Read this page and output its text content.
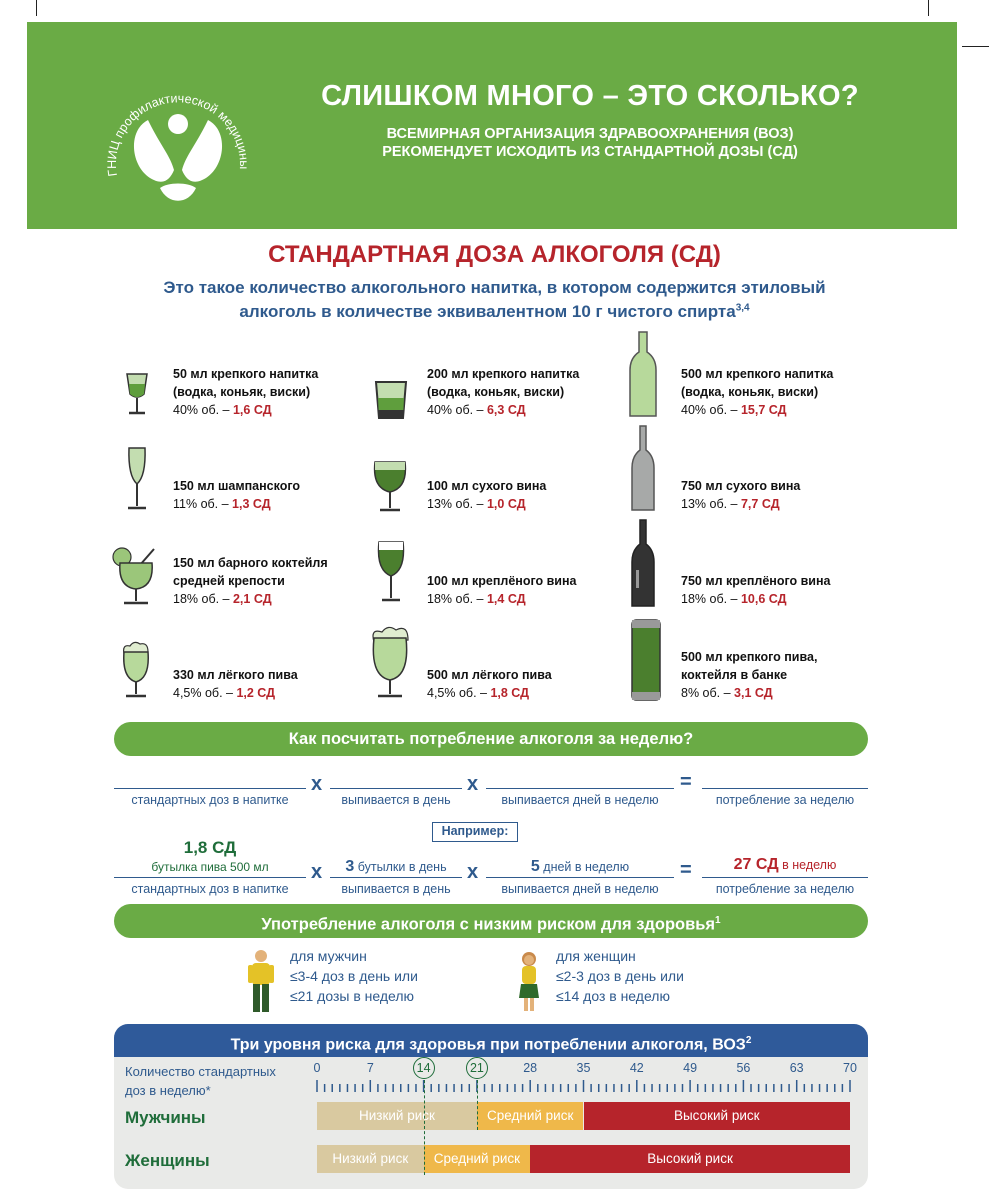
ГНИЦ профилактической медицины
СЛИШКОМ МНОГО – ЭТО СКОЛЬКО?
ВСЕМИРНАЯ ОРГАНИЗАЦИЯ ЗДРАВООХРАНЕНИЯ (ВОЗ)
РЕКОМЕНДУЕТ ИСХОДИТЬ ИЗ СТАНДАРТНОЙ ДОЗЫ (СД)
СТАНДАРТНАЯ ДОЗА АЛКОГОЛЯ (СД)
Это такое количество алкогольного напитка, в котором содержится этиловый
алкоголь в количестве эквивалентном 10 г чистого спирта$^{3,4}$
50 мл крепкого напитка
(водка, коньяк, виски)
40% об. – 1,6 СД
200 мл крепкого напитка
(водка, коньяк, виски)
40% об. – 6,3 СД
500 мл крепкого напитка
(водка, коньяк, виски)
40% об. – 15,7 СД
150 мл шампанского
11% об. – 1,3 СД
100 мл сухого вина
13% об. – 1,0 СД
750 мл сухого вина
13% об. – 7,7 СД
150 мл барного коктейля
средней крепости
18% об. – 2,1 СД
100 мл креплёного вина
18% об. – 1,4 СД
750 мл креплёного вина
18% об. – 10,6 СД
330 мл лёгкого пива
4,5% об. – 1,2 СД
500 мл лёгкого пива
4,5% об. – 1,8 СД
500 мл крепкого пива,
коктейля в банке
8% об. – 3,1 СД
Как посчитать потребление алкоголя за неделю?
x	x	=
стандартных доз в напитке	выпивается в день	выпивается дней в неделю	потребление за неделю
Например:
1,8 СД
бутылка пива 500 мл	3 бутылки в день	5 дней в неделю	27 СД в неделю
x	x	=
стандартных доз в напитке	выпивается в день	выпивается дней в неделю	потребление за неделю
Употребление алкоголя с низким риском для здоровья$^1$
для мужчин
≤3-4 доз в день или
≤21 дозы в неделю
для женщин
≤2-3 доз в день или
≤14 доз в неделю
Три уровня риска для здоровья при потреблении алкоголя, ВОЗ$^2$
Количество стандартных
доз в неделю*
0	7	14	21	28	35	42	49	56	63	70
Мужчины
Женщины
Низкий риск	Средний риск	Высокий риск
Низкий риск	Средний риск	Высокий риск
